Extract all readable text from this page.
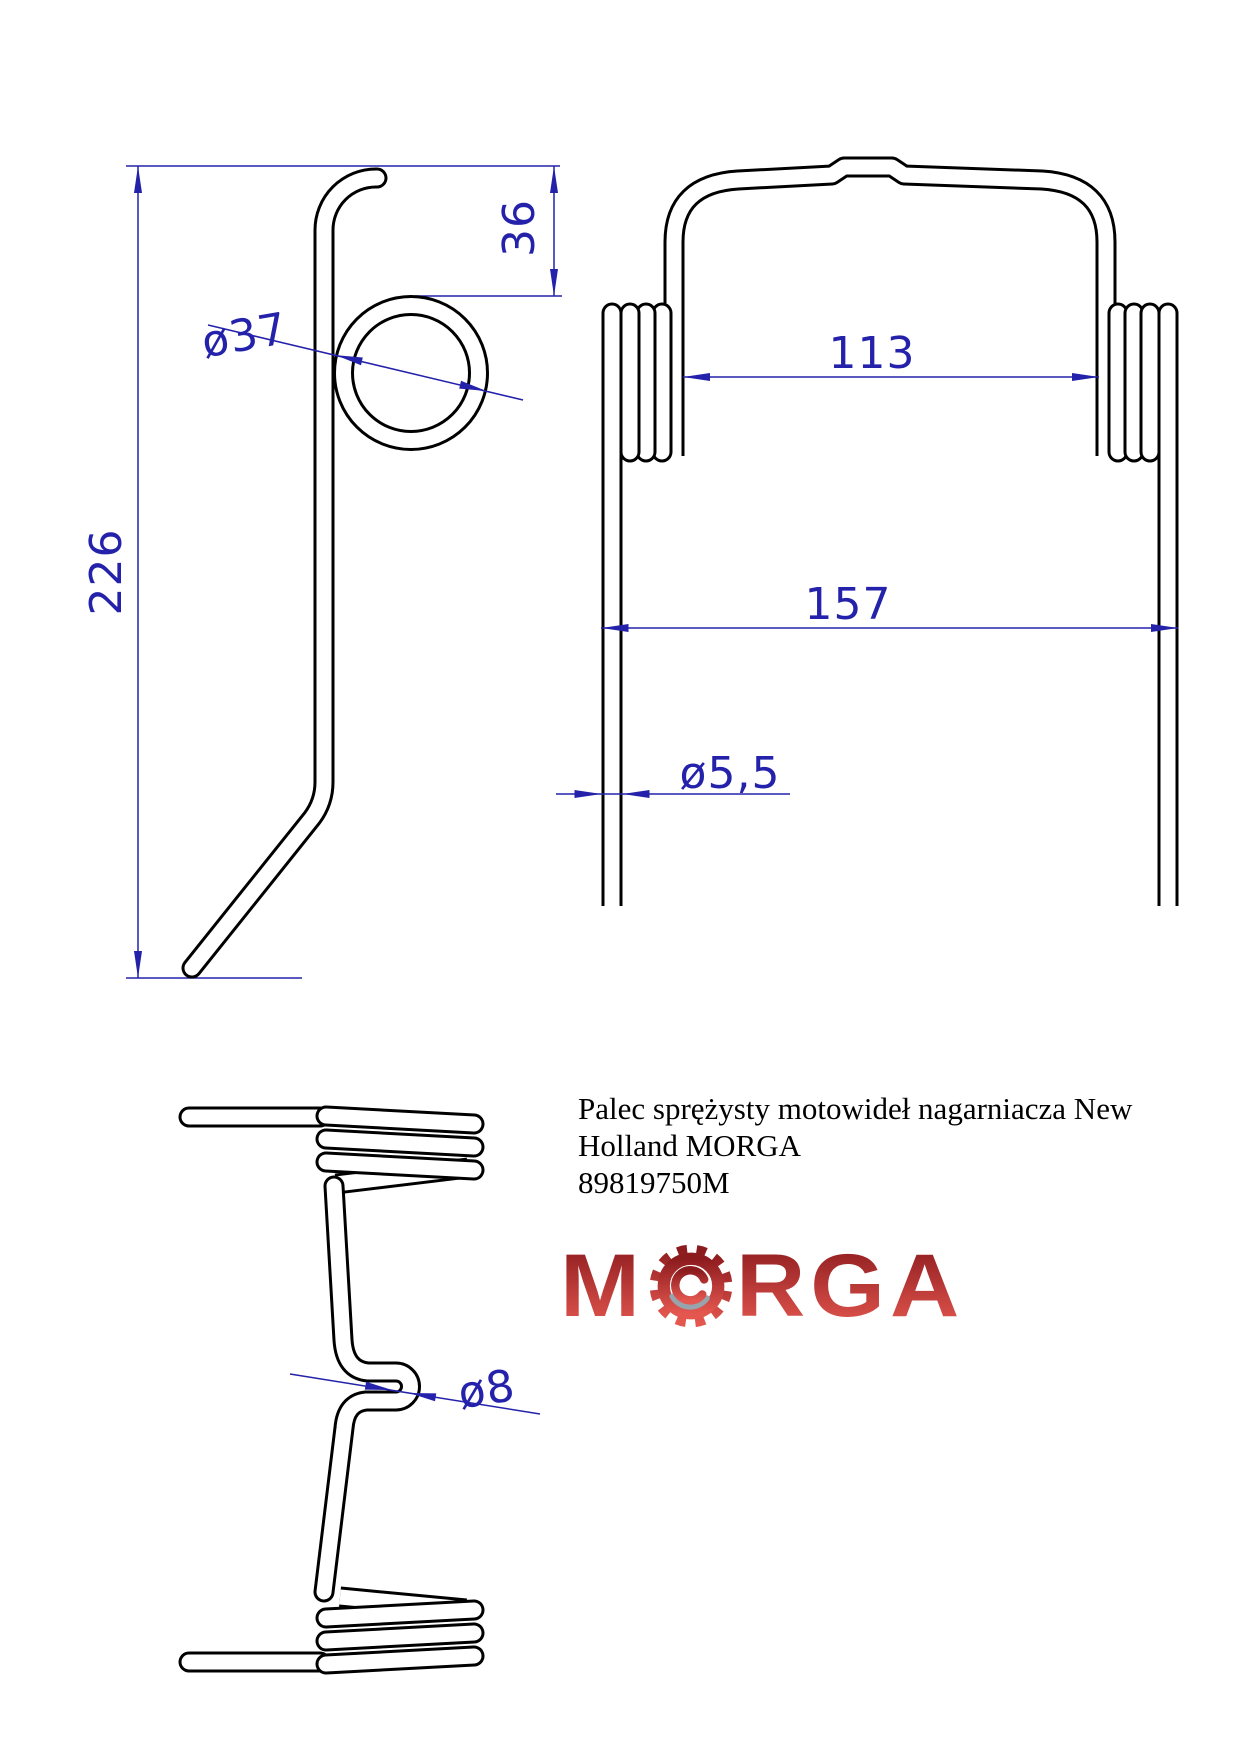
226
36
ø37	113
157
ø5,5
ø8
Palec sprężysty motowideł nagarniacza New
Holland MORGA
89819750M
M RGA
